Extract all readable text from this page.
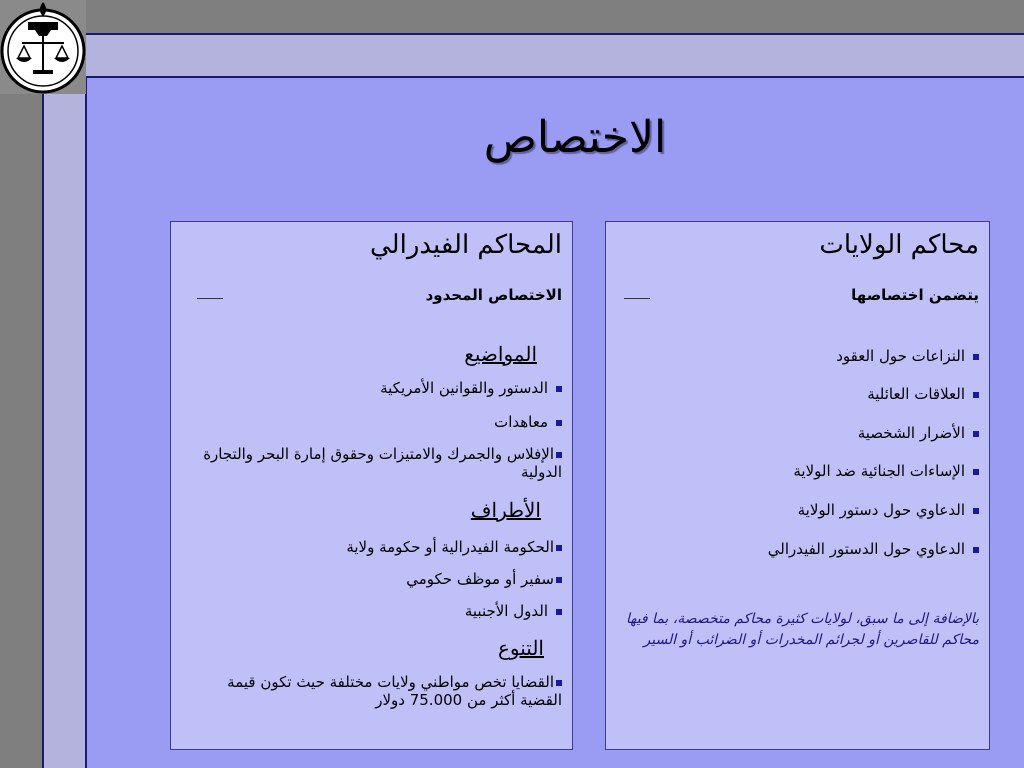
الاختصاص
محاكم الولايات
يتضمن اختصاصها
النزاعات حول العقود
العلاقات العائلية
الأضرار الشخصية
الإساءات الجنائية ضد الولاية
الدعاوي حول دستور الولاية
الدعاوي حول الدستور الفيدرالي
بالإضافة إلى ما سبق، لولايات كثيرة محاكم متخصصة، بما فيها محاكم للقاصرين أو لجرائم المخدرات أو الضرائب أو السير
المحاكم الفيدرالي
الاختصاص المحدود
المواضيع
الدستور والقوانين الأمريكية
معاهدات
الإفلاس والجمرك والامتيزات وحقوق إمارة البحر والتجارة الدولية
الأطراف
الحكومة الفيدرالية أو حكومة ولاية
سفير أو موظف حكومي
الدول الأجنبية
التنوع
القضايا تخص مواطني ولايات مختلفة حيث تكون قيمة القضية أكثر من 75.000 دولار
